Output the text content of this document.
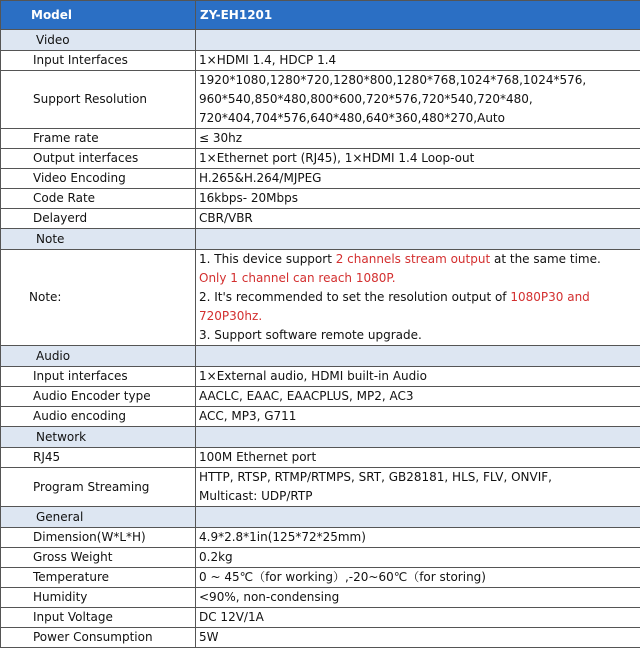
Model	ZY-EH1201
Video	
Input Interfaces	1×HDMI 1.4, HDCP 1.4
Support Resolution	1920*1080,1280*720,1280*800,1280*768,1024*768,1024*576,
960*540,850*480,800*600,720*576,720*540,720*480,
720*404,704*576,640*480,640*360,480*270,Auto

Frame rate	≤ 30hz
Output interfaces	1×Ethernet port (RJ45), 1×HDMI 1.4 Loop-out
Video Encoding	H.265&H.264/MJPEG
Code Rate	16kbps- 20Mbps
Delayerd	CBR/VBR
Note	
Note:	1. This device support 2 channels stream output at the same time.
Only 1 channel can reach 1080P.
2. It's recommended to set the resolution output of 1080P30 and
720P30hz.
3. Support software remote upgrade.

Audio	
Input interfaces	1×External audio, HDMI built-in Audio
Audio Encoder type	AACLC, EAAC, EAACPLUS, MP2, AC3
Audio encoding	ACC, MP3, G711
Network	
RJ45	100M Ethernet port
Program Streaming	HTTP, RTSP, RTMP/RTMPS, SRT, GB28181, HLS, FLV, ONVIF,
Multicast: UDP/RTP

General	
Dimension(W*L*H)	4.9*2.8*1in(125*72*25mm)
Gross Weight	0.2kg
Temperature	0 ~ 45℃（for working）,-20~60℃（for storing)
Humidity	<90%, non-condensing
Input Voltage	DC 12V/1A
Power Consumption	5W
